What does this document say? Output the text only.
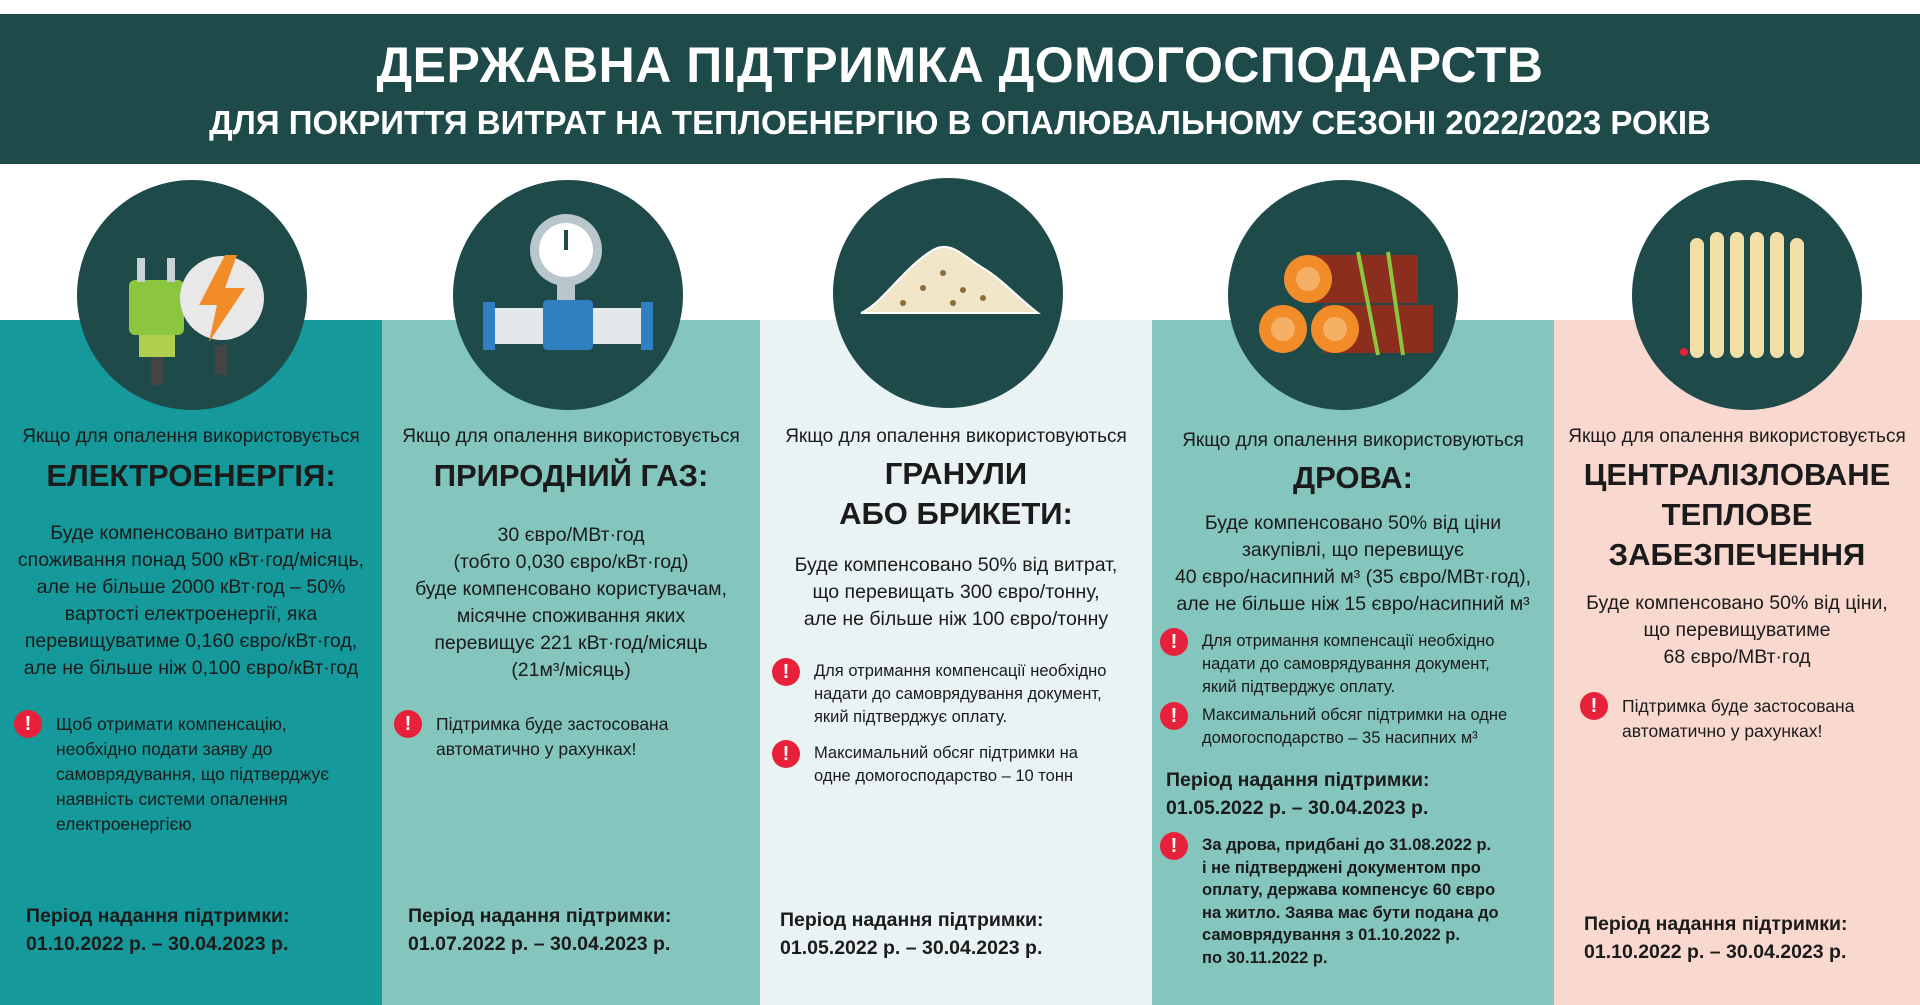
ДЕРЖАВНА ПІДТРИМКА ДОМОГОСПОДАРСТВ
ДЛЯ ПОКРИТТЯ ВИТРАТ НА ТЕПЛОЕНЕРГІЮ В ОПАЛЮВАЛЬНОМУ СЕЗОНІ 2022/2023 РОКІВ
Якщо для опалення використовується
ЕЛЕКТРОЕНЕРГІЯ:
Буде компенсовано витрати на
споживання понад 500 кВт·год/місяць,
але не більше 2000 кВт·год – 50%
вартості електроенергії, яка
перевищуватиме 0,160 євро/кВт·год,
але не більше ніж 0,100 євро/кВт·год
!	Щоб отримати компенсацію,
необхідно подати заяву до
самоврядування, що підтверджує
наявність системи опалення
електроенергією
Період надання підтримки:
01.10.2022 р. – 30.04.2023 р.
Якщо для опалення використовується
ПРИРОДНИЙ ГАЗ:
30 євро/МВт·год
(тобто 0,030 євро/кВт·год)
буде компенсовано користувачам,
місячне споживання яких
перевищує 221 кВт·год/місяць
(21м³/місяць)
!	Підтримка буде застосована
автоматично у рахунках!
Період надання підтримки:
01.07.2022 р. – 30.04.2023 р.
Якщо для опалення використовуються
ГРАНУЛИ
АБО БРИКЕТИ:
Буде компенсовано 50% від витрат,
що перевищать 300 євро/тонну,
але не більше ніж 100 євро/тонну
!	Для отримання компенсації необхідно
надати до самоврядування документ,
який підтверджує оплату.
!	Максимальний обсяг підтримки на
одне домогосподарство – 10 тонн
Період надання підтримки:
01.05.2022 р. – 30.04.2023 р.
Якщо для опалення використовуються
ДРОВА:
Буде компенсовано 50% від ціни
закупівлі, що перевищує
40 євро/насипний м³ (35 євро/МВт·год),
але не більше ніж 15 євро/насипний м³
!	Для отримання компенсації необхідно
надати до самоврядування документ,
який підтверджує оплату.
!	Максимальний обсяг підтримки на одне
домогосподарство – 35 насипних м³
Період надання підтримки:
01.05.2022 р. – 30.04.2023 р.
!	За дрова, придбані до 31.08.2022 р.
і не підтверджені документом про
оплату, держава компенсує 60 євро
на житло. Заява має бути подана до
самоврядування з 01.10.2022 р.
по 30.11.2022 р.
Якщо для опалення використовується
ЦЕНТРАЛІЗЛОВАНЕ
ТЕПЛОВЕ
ЗАБЕЗПЕЧЕННЯ
Буде компенсовано 50% від ціни,
що перевищуватиме
68 євро/МВт·год
!	Підтримка буде застосована
автоматично у рахунках!
Період надання підтримки:
01.10.2022 р. – 30.04.2023 р.
